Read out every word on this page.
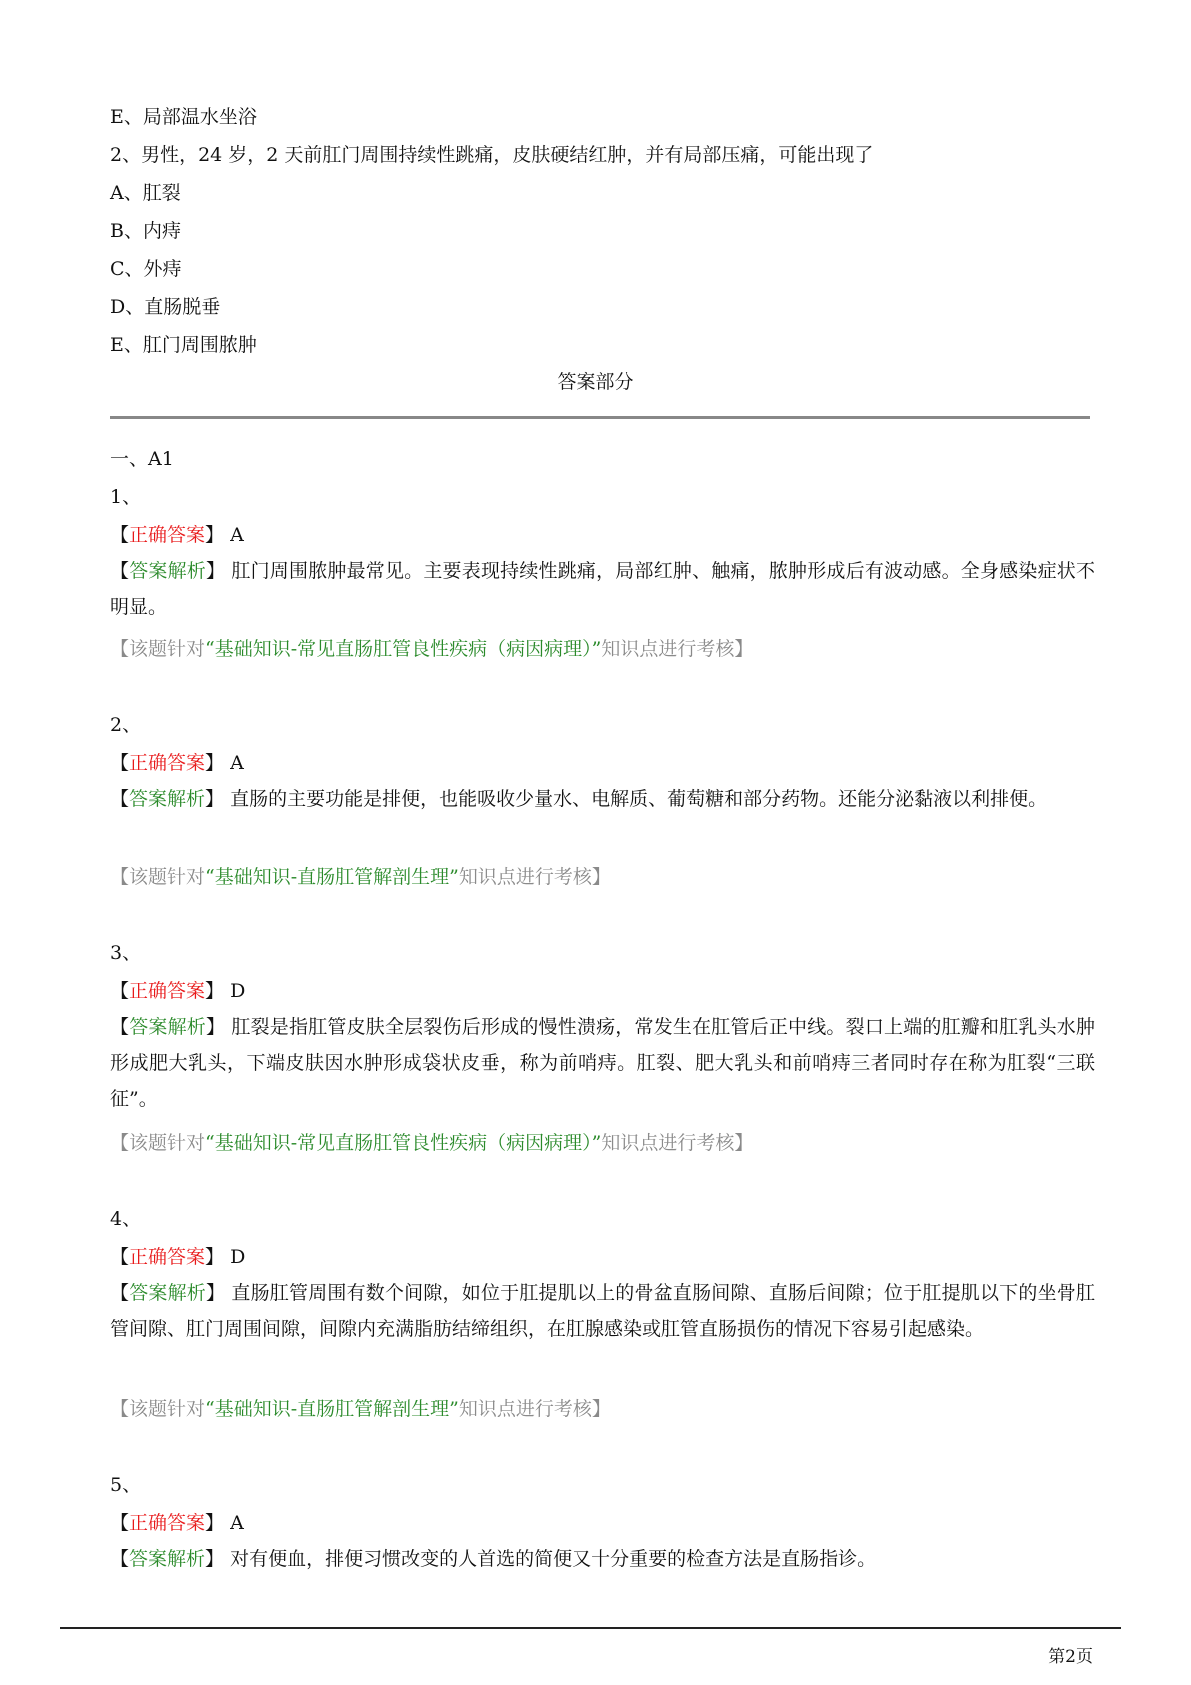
E、局部温水坐浴
2、男性，24 岁，2 天前肛门周围持续性跳痛，皮肤硬结红肿，并有局部压痛，可能出现了
A、肛裂
B、内痔
C、外痔
D、直肠脱垂
E、肛门周围脓肿
答案部分
一、A1
1、
【正确答案】 A
【答案解析】 肛门周围脓肿最常见。主要表现持续性跳痛，局部红肿、触痛，脓肿形成后有波动感。全身感染症状不明显。
【该题针对“基础知识-常见直肠肛管良性疾病（病因病理）”知识点进行考核】
2、
【正确答案】 A
【答案解析】 直肠的主要功能是排便，也能吸收少量水、电解质、葡萄糖和部分药物。还能分泌黏液以利排便。
【该题针对“基础知识-直肠肛管解剖生理”知识点进行考核】
3、
【正确答案】 D
【答案解析】 肛裂是指肛管皮肤全层裂伤后形成的慢性溃疡，常发生在肛管后正中线。裂口上端的肛瓣和肛乳头水肿形成肥大乳头，下端皮肤因水肿形成袋状皮垂，称为前哨痔。肛裂、肥大乳头和前哨痔三者同时存在称为肛裂“三联征”。
【该题针对“基础知识-常见直肠肛管良性疾病（病因病理）”知识点进行考核】
4、
【正确答案】 D
【答案解析】 直肠肛管周围有数个间隙，如位于肛提肌以上的骨盆直肠间隙、直肠后间隙；位于肛提肌以下的坐骨肛管间隙、肛门周围间隙，间隙内充满脂肪结缔组织，在肛腺感染或肛管直肠损伤的情况下容易引起感染。
【该题针对“基础知识-直肠肛管解剖生理”知识点进行考核】
5、
【正确答案】 A
【答案解析】 对有便血，排便习惯改变的人首选的简便又十分重要的检查方法是直肠指诊。
第2页
